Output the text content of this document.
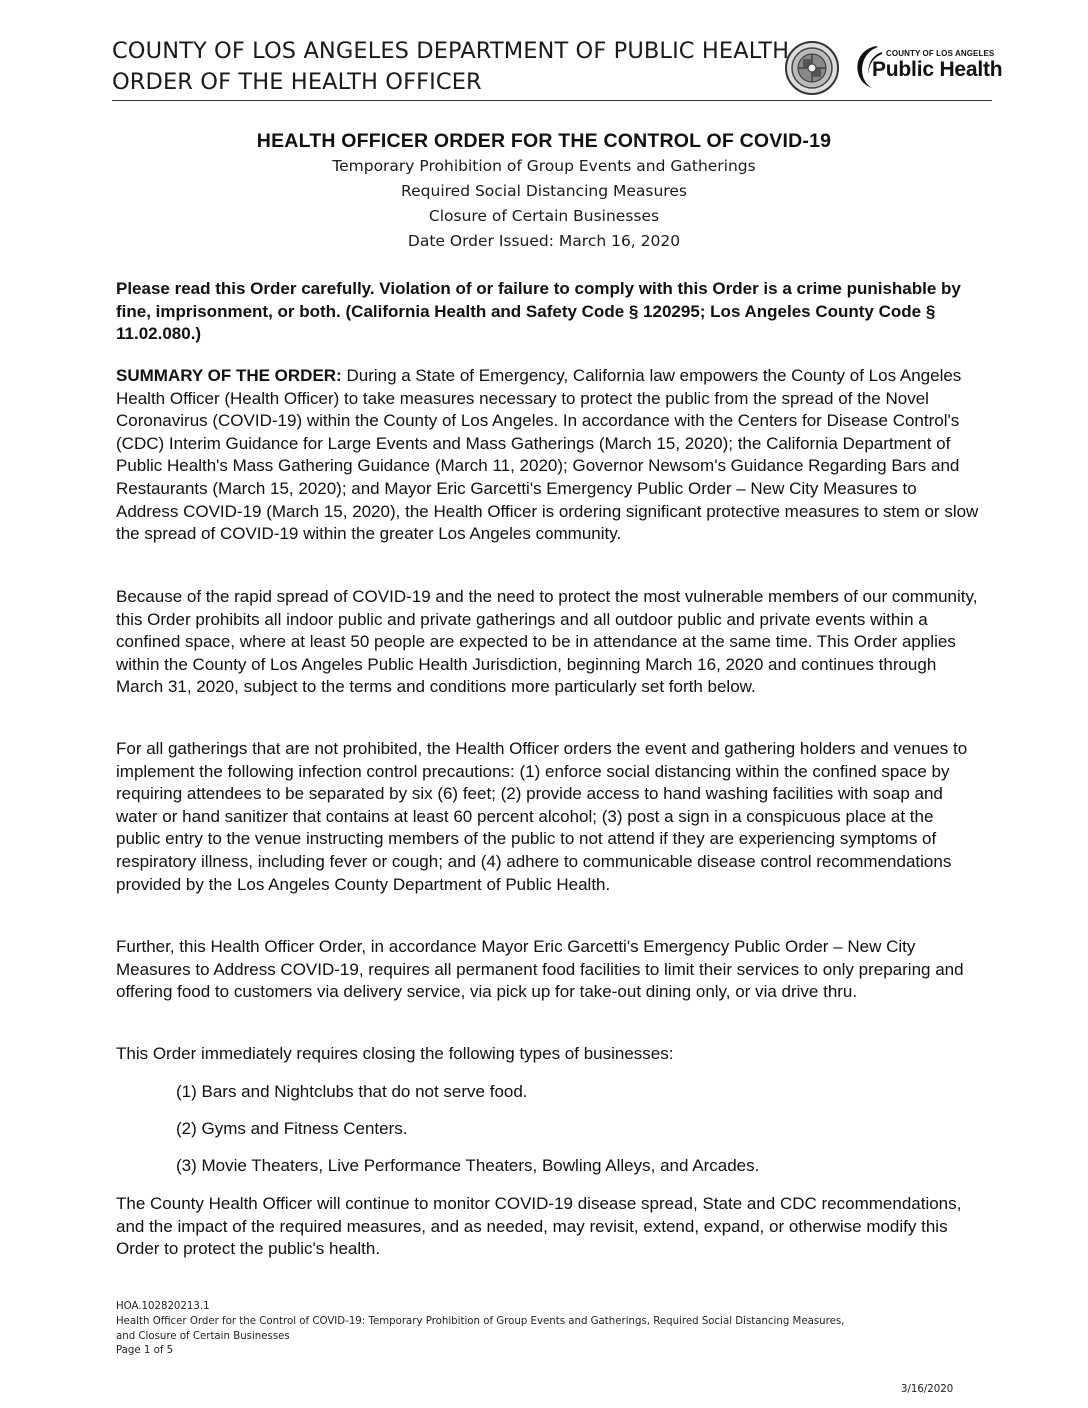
COUNTY OF LOS ANGELES DEPARTMENT OF PUBLIC HEALTH
ORDER OF THE HEALTH OFFICER
COUNTY OF LOS ANGELES
Public Health
HEALTH OFFICER ORDER FOR THE CONTROL OF COVID-19
Temporary Prohibition of Group Events and Gatherings
Required Social Distancing Measures
Closure of Certain Businesses
Date Order Issued: March 16, 2020
Please read this Order carefully. Violation of or failure to comply with this Order is a crime punishable by fine, imprisonment, or both. (California Health and Safety Code § 120295; Los Angeles County Code § 11.02.080.)
SUMMARY OF THE ORDER: During a State of Emergency, California law empowers the County of Los Angeles Health Officer (Health Officer) to take measures necessary to protect the public from the spread of the Novel Coronavirus (COVID-19) within the County of Los Angeles. In accordance with the Centers for Disease Control's (CDC) Interim Guidance for Large Events and Mass Gatherings (March 15, 2020); the California Department of Public Health's Mass Gathering Guidance (March 11, 2020); Governor Newsom's Guidance Regarding Bars and Restaurants (March 15, 2020); and Mayor Eric Garcetti's Emergency Public Order – New City Measures to Address COVID-19 (March 15, 2020), the Health Officer is ordering significant protective measures to stem or slow the spread of COVID-19 within the greater Los Angeles community.
Because of the rapid spread of COVID-19 and the need to protect the most vulnerable members of our community, this Order prohibits all indoor public and private gatherings and all outdoor public and private events within a confined space, where at least 50 people are expected to be in attendance at the same time. This Order applies within the County of Los Angeles Public Health Jurisdiction, beginning March 16, 2020 and continues through March 31, 2020, subject to the terms and conditions more particularly set forth below.
For all gatherings that are not prohibited, the Health Officer orders the event and gathering holders and venues to implement the following infection control precautions: (1) enforce social distancing within the confined space by requiring attendees to be separated by six (6) feet; (2) provide access to hand washing facilities with soap and water or hand sanitizer that contains at least 60 percent alcohol; (3) post a sign in a conspicuous place at the public entry to the venue instructing members of the public to not attend if they are experiencing symptoms of respiratory illness, including fever or cough; and (4) adhere to communicable disease control recommendations provided by the Los Angeles County Department of Public Health.
Further, this Health Officer Order, in accordance Mayor Eric Garcetti's Emergency Public Order – New City Measures to Address COVID-19, requires all permanent food facilities to limit their services to only preparing and offering food to customers via delivery service, via pick up for take-out dining only, or via drive thru.
This Order immediately requires closing the following types of businesses:
(1) Bars and Nightclubs that do not serve food.
(2) Gyms and Fitness Centers.
(3) Movie Theaters, Live Performance Theaters, Bowling Alleys, and Arcades.
The County Health Officer will continue to monitor COVID-19 disease spread, State and CDC recommendations, and the impact of the required measures, and as needed, may revisit, extend, expand, or otherwise modify this Order to protect the public's health.
HOA.102820213.1
Health Officer Order for the Control of COVID-19: Temporary Prohibition of Group Events and Gatherings, Required Social Distancing Measures,
and Closure of Certain Businesses
Page 1 of 5
3/16/2020
